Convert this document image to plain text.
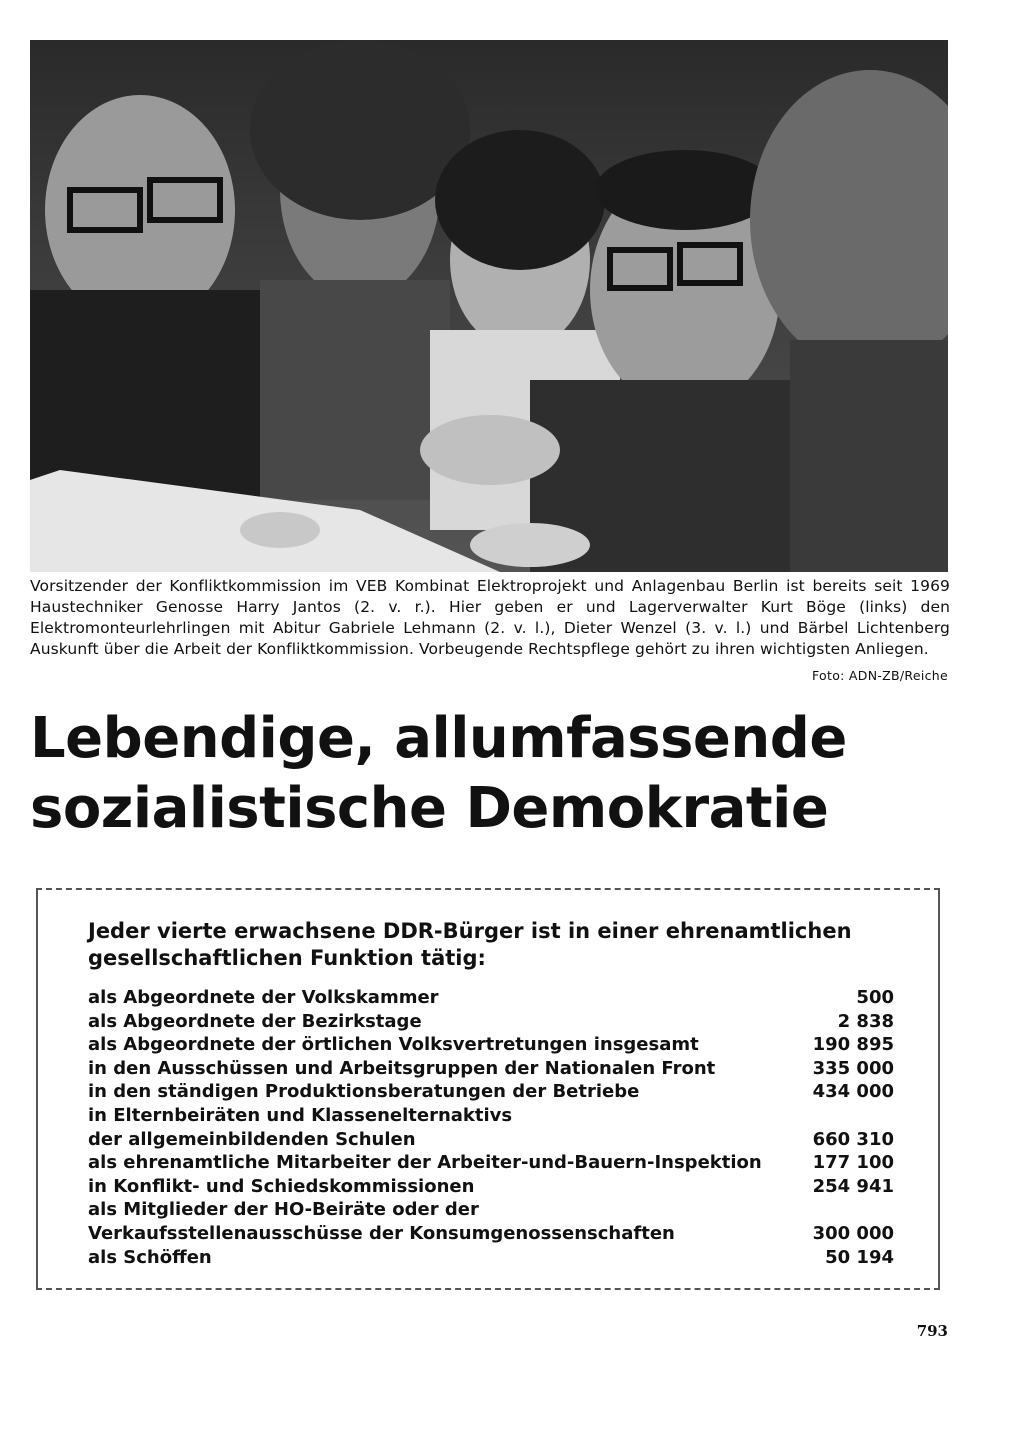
Vorsitzender der Konfliktkommission im VEB Kombinat Elektroprojekt und Anlagenbau Berlin ist bereits seit 1969 Haustechniker Genosse Harry Jantos (2. v. r.). Hier geben er und Lagerverwalter Kurt Böge (links) den Elektromonteurlehrlingen mit Abitur Gabriele Lehmann (2. v. l.), Dieter Wenzel (3. v. l.) und Bärbel Lichtenberg Auskunft über die Arbeit der Konfliktkommission. Vorbeugende Rechtspflege gehört zu ihren wichtigsten Anliegen.
Foto: ADN-ZB/Reiche
Lebendige, allumfassende
sozialistische Demokratie
Jeder vierte erwachsene DDR-Bürger ist in einer ehrenamtlichen gesellschaftlichen Funktion tätig:
als Abgeordnete der Volkskammer	500
als Abgeordnete der Bezirkstage	2 838
als Abgeordnete der örtlichen Volksvertretungen insgesamt	190 895
in den Ausschüssen und Arbeitsgruppen der Nationalen Front	335 000
in den ständigen Produktionsberatungen der Betriebe	434 000
in Elternbeiräten und Klassenelternaktivs
der allgemeinbildenden Schulen	660 310
als ehrenamtliche Mitarbeiter der Arbeiter-und-Bauern-Inspektion	177 100
in Konflikt- und Schiedskommissionen	254 941
als Mitglieder der HO-Beiräte oder der
Verkaufsstellenausschüsse der Konsumgenossenschaften	300 000
als Schöffen	50 194
793
